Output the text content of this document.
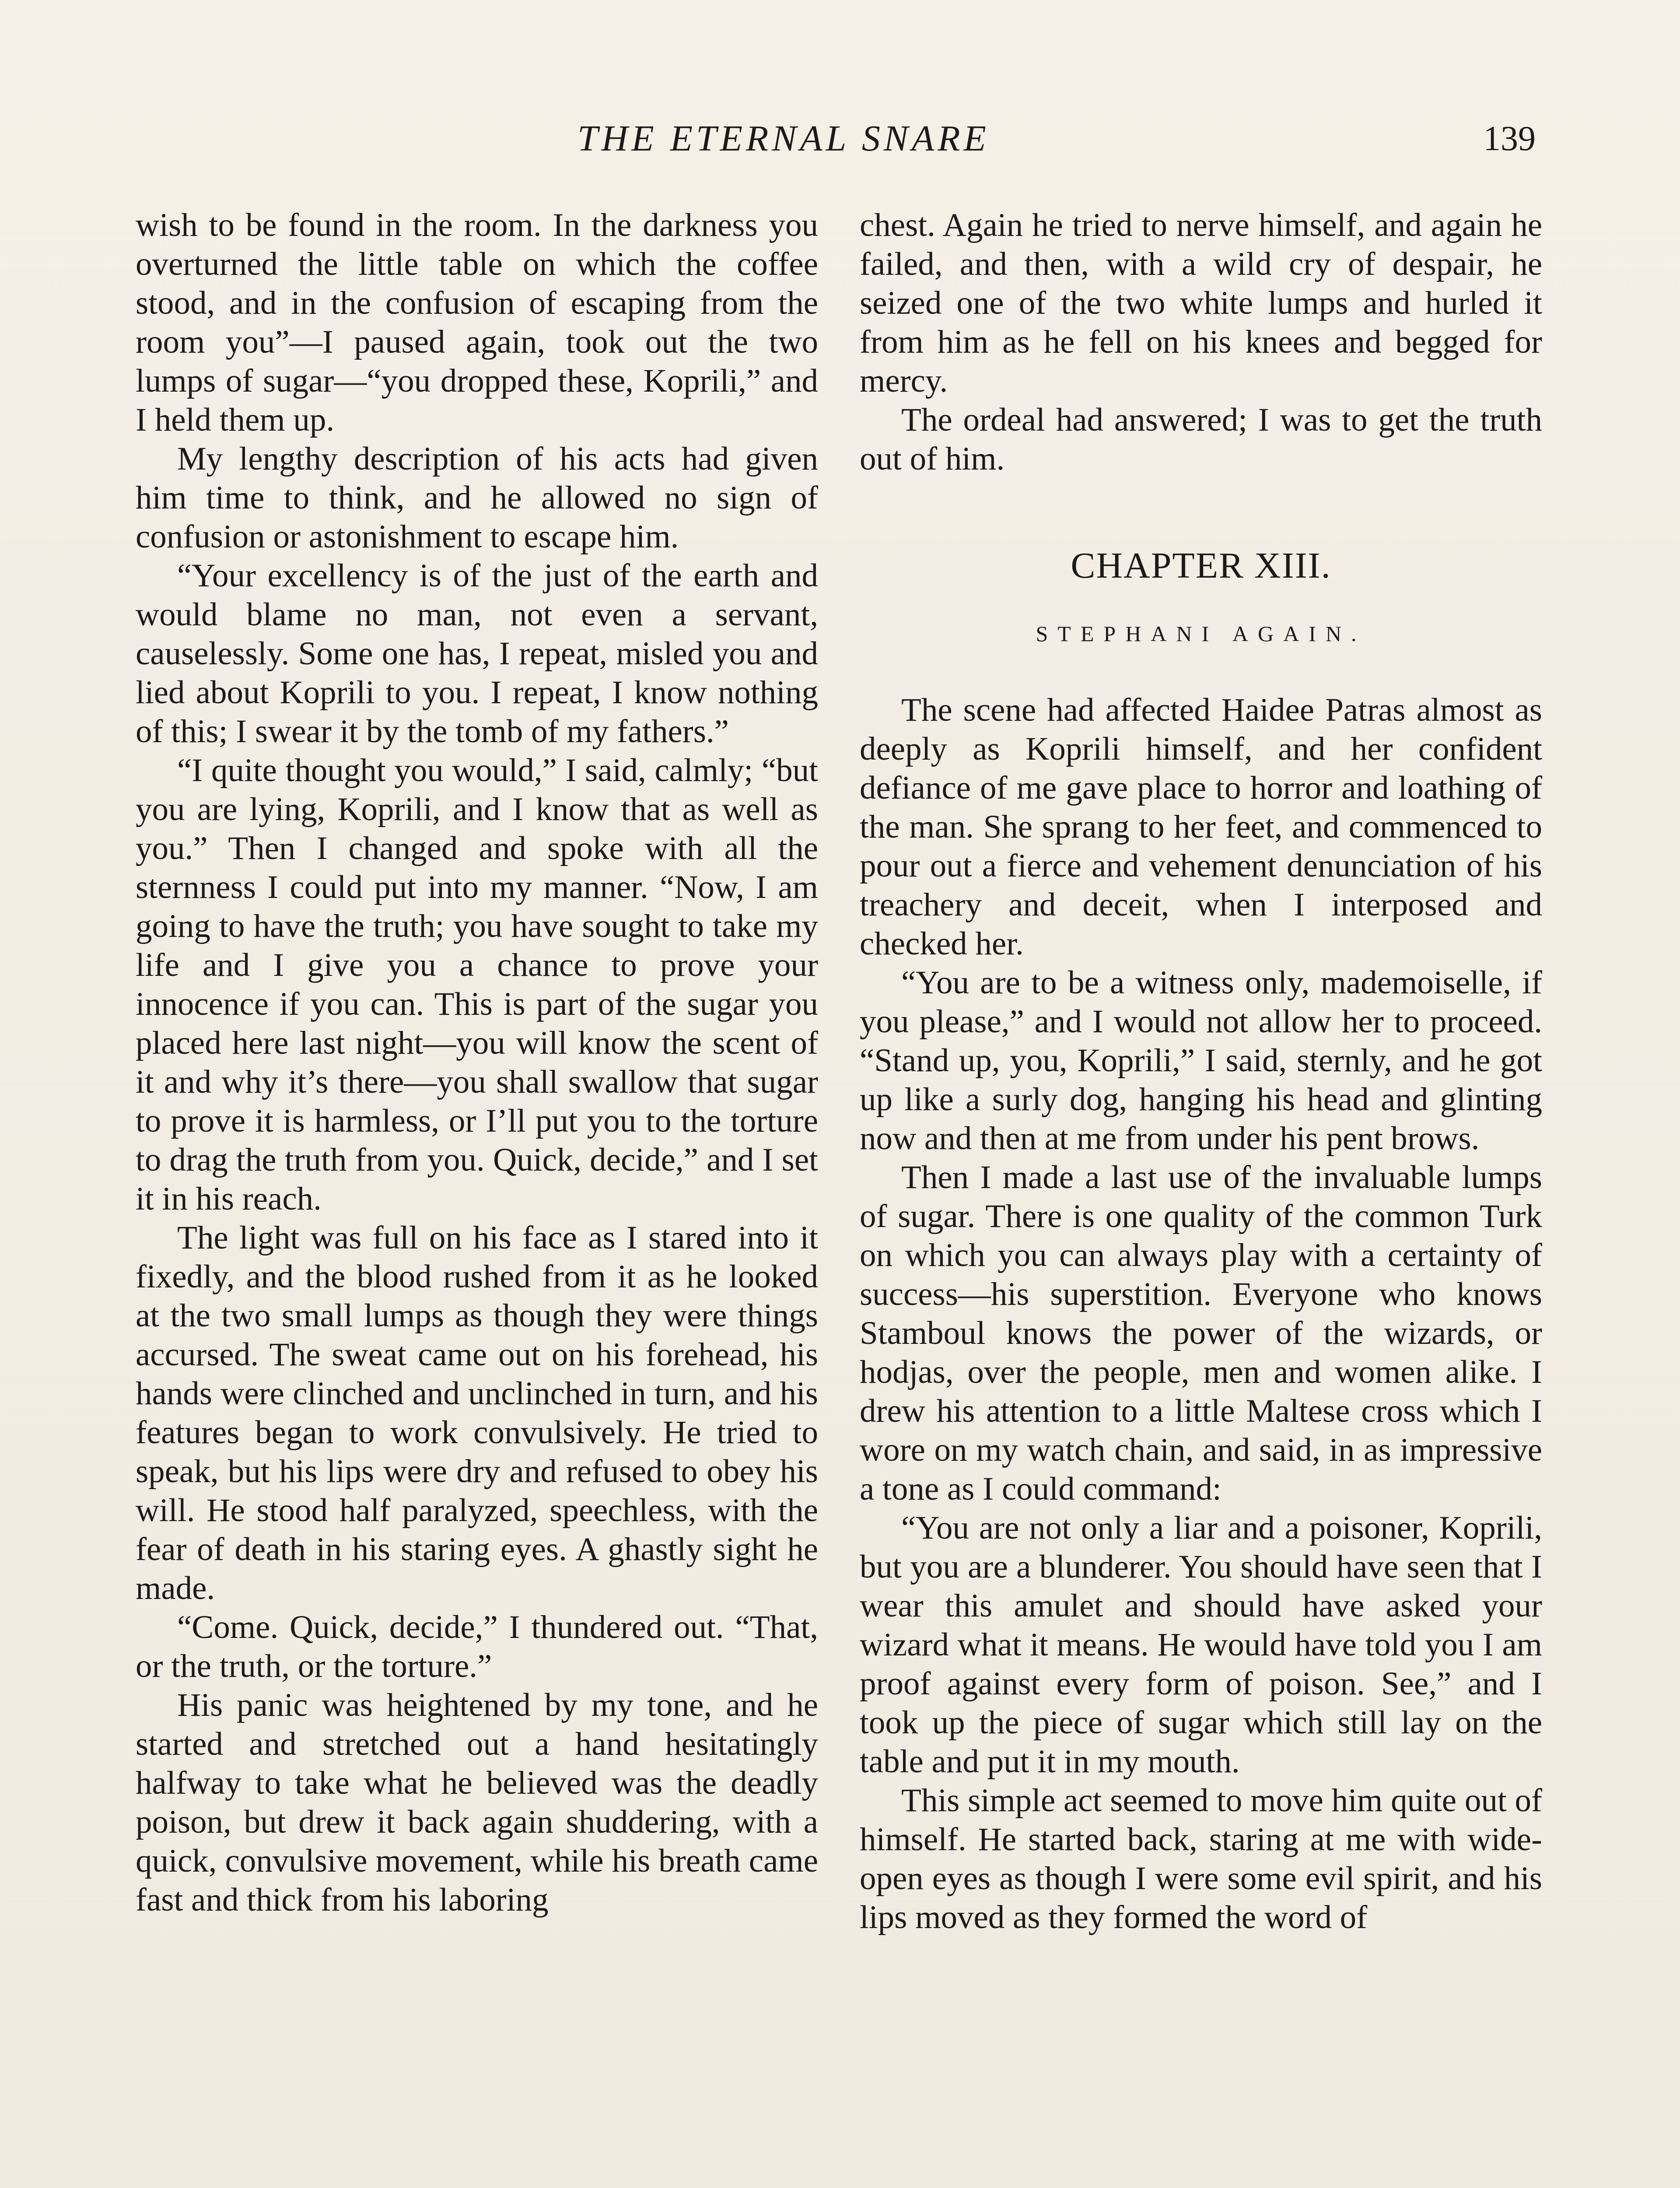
THE ETERNAL SNARE	139

wish to be found in the room. In the darkness you overturned the little table on which the coffee stood, and in the confusion of escaping from the room you”—I paused again, took out the two lumps of sugar—“you dropped these, Koprili,” and I held them up.

My lengthy description of his acts had given him time to think, and he allowed no sign of confusion or astonishment to escape him.

“Your excellency is of the just of the earth and would blame no man, not even a servant, causelessly. Some one has, I repeat, misled you and lied about Koprili to you. I repeat, I know nothing of this; I swear it by the tomb of my fathers.”

“I quite thought you would,” I said, calmly; “but you are lying, Koprili, and I know that as well as you.” Then I changed and spoke with all the sternness I could put into my manner. “Now, I am going to have the truth; you have sought to take my life and I give you a chance to prove your innocence if you can. This is part of the sugar you placed here last night—you will know the scent of it and why it’s there—you shall swallow that sugar to prove it is harmless, or I’ll put you to the torture to drag the truth from you. Quick, decide,” and I set it in his reach.

The light was full on his face as I stared into it fixedly, and the blood rushed from it as he looked at the two small lumps as though they were things accursed. The sweat came out on his forehead, his hands were clinched and unclinched in turn, and his features began to work convulsively. He tried to speak, but his lips were dry and refused to obey his will. He stood half paralyzed, speechless, with the fear of death in his staring eyes. A ghastly sight he made.

“Come. Quick, decide,” I thundered out. “That, or the truth, or the torture.”

His panic was heightened by my tone, and he started and stretched out a hand hesitatingly halfway to take what he believed was the deadly poison, but drew it back again shuddering, with a quick, convulsive movement, while his breath came fast and thick from his laboring

chest. Again he tried to nerve himself, and again he failed, and then, with a wild cry of despair, he seized one of the two white lumps and hurled it from him as he fell on his knees and begged for mercy.

The ordeal had answered; I was to get the truth out of him.

CHAPTER XIII.
STEPHANI AGAIN.

The scene had affected Haidee Patras almost as deeply as Koprili himself, and her confident defiance of me gave place to horror and loathing of the man. She sprang to her feet, and commenced to pour out a fierce and vehement denunciation of his treachery and deceit, when I interposed and checked her.

“You are to be a witness only, mademoiselle, if you please,” and I would not allow her to proceed. “Stand up, you, Koprili,” I said, sternly, and he got up like a surly dog, hanging his head and glinting now and then at me from under his pent brows.

Then I made a last use of the invaluable lumps of sugar. There is one quality of the common Turk on which you can always play with a certainty of success—his superstition. Everyone who knows Stamboul knows the power of the wizards, or hodjas, over the people, men and women alike. I drew his attention to a little Maltese cross which I wore on my watch chain, and said, in as impressive a tone as I could command:

“You are not only a liar and a poisoner, Koprili, but you are a blunderer. You should have seen that I wear this amulet and should have asked your wizard what it means. He would have told you I am proof against every form of poison. See,” and I took up the piece of sugar which still lay on the table and put it in my mouth.

This simple act seemed to move him quite out of himself. He started back, staring at me with wide-open eyes as though I were some evil spirit, and his lips moved as they formed the word of
